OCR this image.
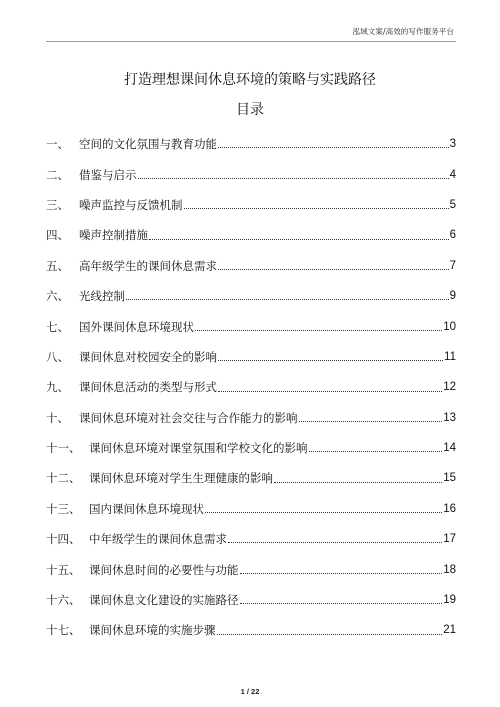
泓域文案/高效的写作服务平台
打造理想课间休息环境的策略与实践路径
目录
一、 空间的文化氛围与教育功能	3
二、 借鉴与启示	4
三、 噪声监控与反馈机制	5
四、 噪声控制措施	6
五、 高年级学生的课间休息需求	7
六、 光线控制	9
七、 国外课间休息环境现状	10
八、 课间休息对校园安全的影响	11
九、 课间休息活动的类型与形式	12
十、 课间休息环境对社会交往与合作能力的影响	13
十一、 课间休息环境对课堂氛围和学校文化的影响	14
十二、 课间休息环境对学生生理健康的影响	15
十三、 国内课间休息环境现状	16
十四、 中年级学生的课间休息需求	17
十五、 课间休息时间的必要性与功能	18
十六、 课间休息文化建设的实施路径	19
十七、 课间休息环境的实施步骤	21
1 / 22
